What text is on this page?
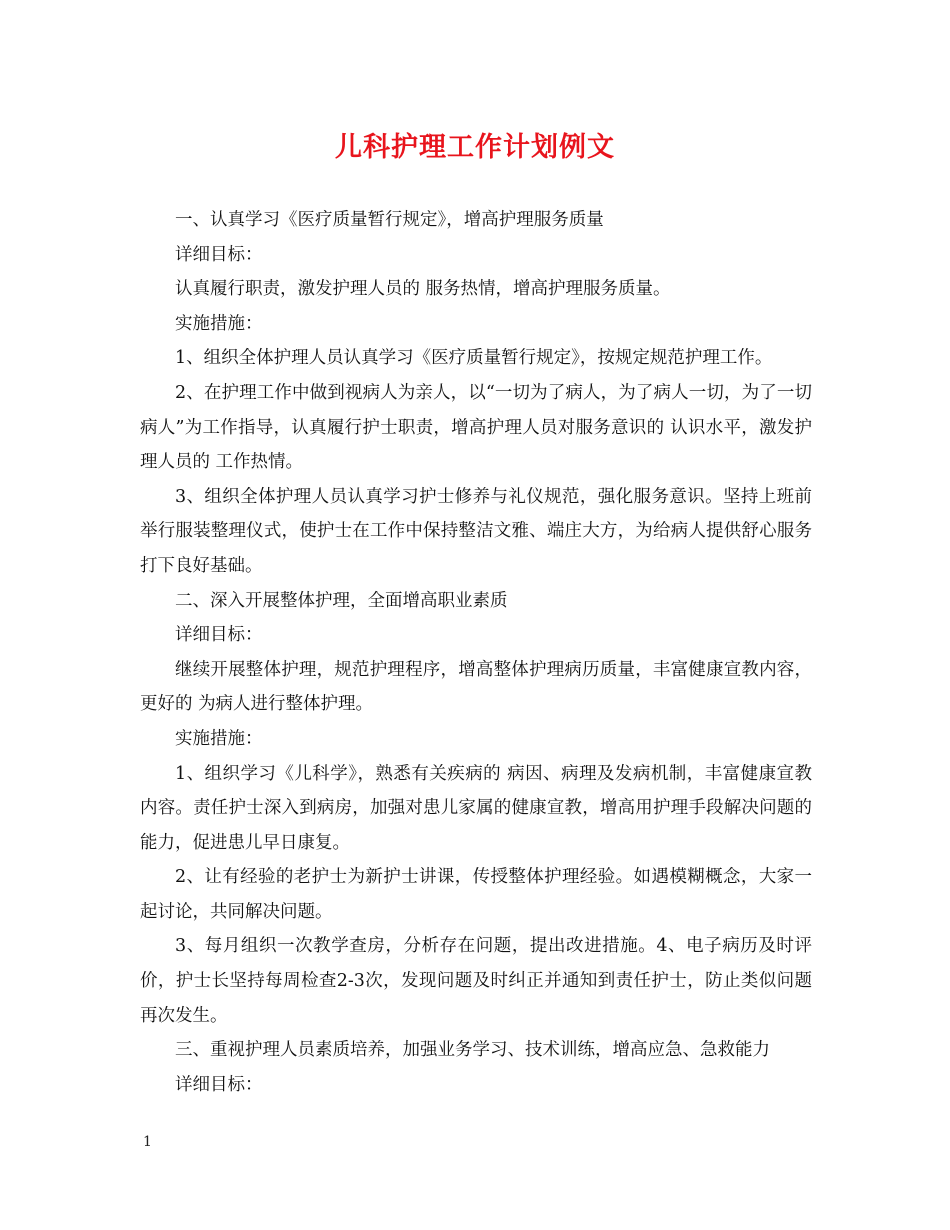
儿科护理工作计划例文

一、认真学习《医疗质量暂行规定》，增高护理服务质量

详细目标：

认真履行职责，激发护理人员的 服务热情，增高护理服务质量。

实施措施：

1、组织全体护理人员认真学习《医疗质量暂行规定》，按规定规范护理工作。

2、在护理工作中做到视病人为亲人，以“一切为了病人，为了病人一切，为了一切病人”为工作指导，认真履行护士职责，增高护理人员对服务意识的 认识水平，激发护理人员的 工作热情。

3、组织全体护理人员认真学习护士修养与礼仪规范，强化服务意识。坚持上班前举行服装整理仪式，使护士在工作中保持整洁文雅、端庄大方，为给病人提供舒心服务打下良好基础。

二、深入开展整体护理，全面增高职业素质

详细目标：

继续开展整体护理，规范护理程序，增高整体护理病历质量，丰富健康宣教内容，更好的 为病人进行整体护理。

实施措施：

1、组织学习《儿科学》，熟悉有关疾病的 病因、病理及发病机制，丰富健康宣教内容。责任护士深入到病房，加强对患儿家属的健康宣教，增高用护理手段解决问题的能力，促进患儿早日康复。

2、让有经验的老护士为新护士讲课，传授整体护理经验。如遇模糊概念，大家一起讨论，共同解决问题。

3、每月组织一次教学查房，分析存在问题，提出改进措施。4、电子病历及时评价，护士长坚持每周检查2-3次，发现问题及时纠正并通知到责任护士，防止类似问题再次发生。

三、重视护理人员素质培养，加强业务学习、技术训练，增高应急、急救能力

详细目标：

1
